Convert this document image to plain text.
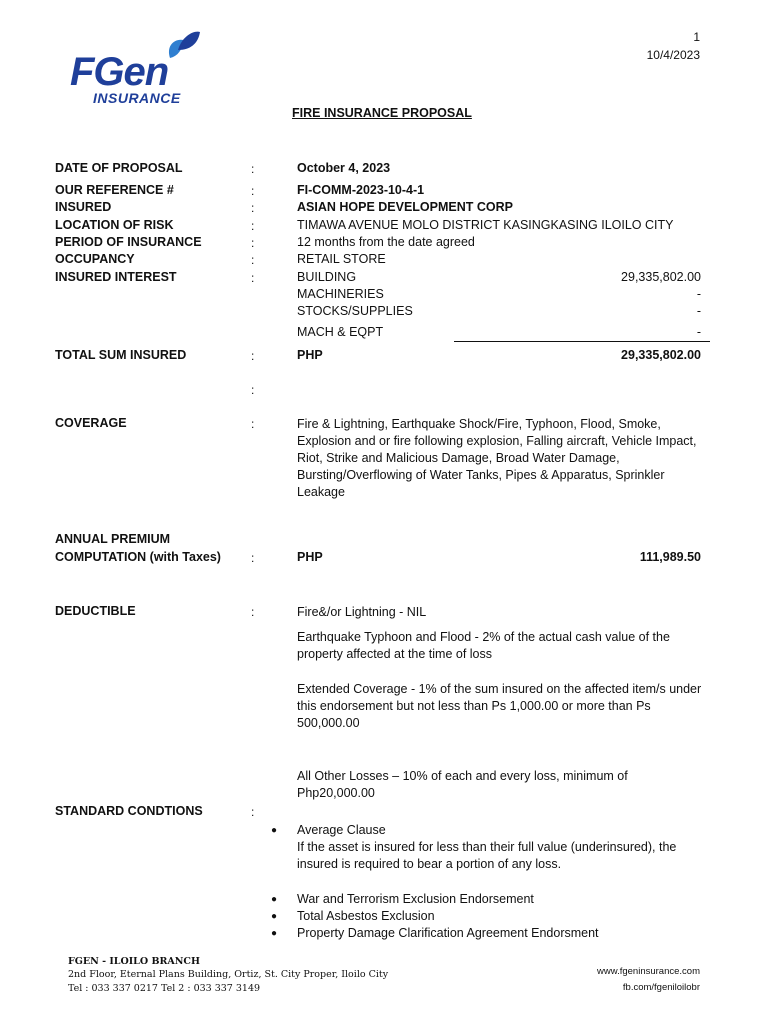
FGen
INSURANCE
1
10/4/2023
FIRE INSURANCE PROPOSAL
DATE OF PROPOSAL	:	October 4, 2023
OUR REFERENCE #	:	FI-COMM-2023-10-4-1
INSURED	:	ASIAN HOPE DEVELOPMENT CORP
LOCATION OF RISK	:	TIMAWA AVENUE MOLO DISTRICT KASINGKASING ILOILO CITY
PERIOD OF INSURANCE	:	12 months from the date agreed
OCCUPANCY	:	RETAIL STORE
INSURED INTEREST	:	BUILDING	29,335,802.00
MACHINERIES	-
STOCKS/SUPPLIES	-
MACH & EQPT	-
TOTAL SUM INSURED	:	PHP	29,335,802.00
:
COVERAGE	:	Fire & Lightning, Earthquake Shock/Fire, Typhoon, Flood, Smoke, Explosion and or fire following explosion, Falling aircraft, Vehicle Impact, Riot, Strike and Malicious Damage, Broad Water Damage, Bursting/Overflowing of Water Tanks, Pipes & Apparatus, Sprinkler Leakage
ANNUAL PREMIUM
COMPUTATION (with Taxes)	:	PHP	111,989.50
DEDUCTIBLE	:	Fire&/or Lightning - NIL
Earthquake Typhoon and Flood - 2% of the actual cash value of the property affected at the time of loss
Extended Coverage - 1% of the sum insured on the affected item/s under this endorsement but not less than Ps 1,000.00 or more than Ps 500,000.00
All Other Losses – 10% of each and every loss, minimum of Php20,000.00
STANDARD CONDTIONS	:
● Average Clause
If the asset is insured for less than their full value (underinsured), the insured is required to bear a portion of any loss.
● War and Terrorism Exclusion Endorsement
● Total Asbestos Exclusion
● Property Damage Clarification Agreement Endorsment
FGEN - ILOILO BRANCH
2nd Floor, Eternal Plans Building, Ortiz, St. City Proper, Iloilo City
Tel : 033 337 0217 Tel 2 : 033 337 3149
www.fgeninsurance.com
fb.com/fgeniloilobr
